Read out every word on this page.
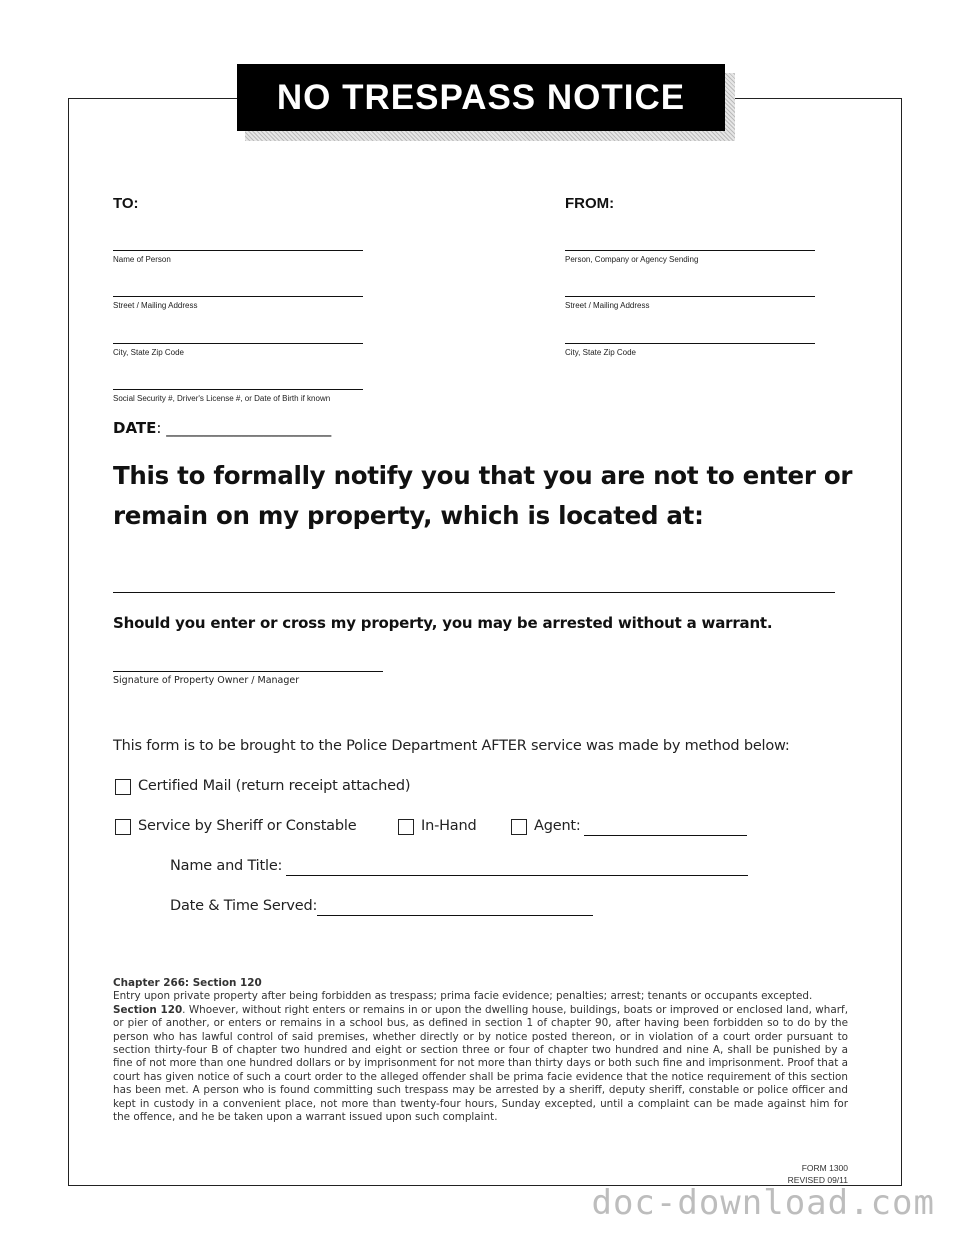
NO TRESPASS NOTICE
TO:
Name of Person
Street / Mailing Address
City, State Zip Code
Social Security #, Driver's License #, or Date of Birth if known
FROM:
Person, Company or Agency Sending
Street / Mailing Address
City, State Zip Code
DATE: ______________________
This to formally notify you that you are not to enter or remain on my property, which is located at:
Should you enter or cross my property, you may be arrested without a warrant.
Signature of Property Owner / Manager
This form is to be brought to the Police Department AFTER service was made by method below:
Certified Mail (return receipt attached)
Service by Sheriff or Constable	In-Hand	Agent:
Name and Title:
Date & Time Served:
Chapter 266: Section 120
Entry upon private property after being forbidden as trespass; prima facie evidence; penalties; arrest; tenants or occupants excepted.
Section 120. Whoever, without right enters or remains in or upon the dwelling house, buildings, boats or improved or enclosed land, wharf, or pier of another, or enters or remains in a school bus, as defined in section 1 of chapter 90, after having been forbidden so to do by the person who has lawful control of said premises, whether directly or by notice posted thereon, or in violation of a court order pursuant to section thirty-four B of chapter two hundred and eight or section three or four of chapter two hundred and nine A, shall be punished by a fine of not more than one hundred dollars or by imprisonment for not more than thirty days or both such fine and imprisonment. Proof that a court has given notice of such a court order to the alleged offender shall be prima facie evidence that the notice requirement of this section has been met. A person who is found committing such trespass may be arrested by a sheriff, deputy sheriff, constable or police officer and kept in custody in a convenient place, not more than twenty-four hours, Sunday excepted, until a complaint can be made against him for the offence, and he be taken upon a warrant issued upon such complaint.
FORM 1300
REVISED 09/11
doc-download.com
